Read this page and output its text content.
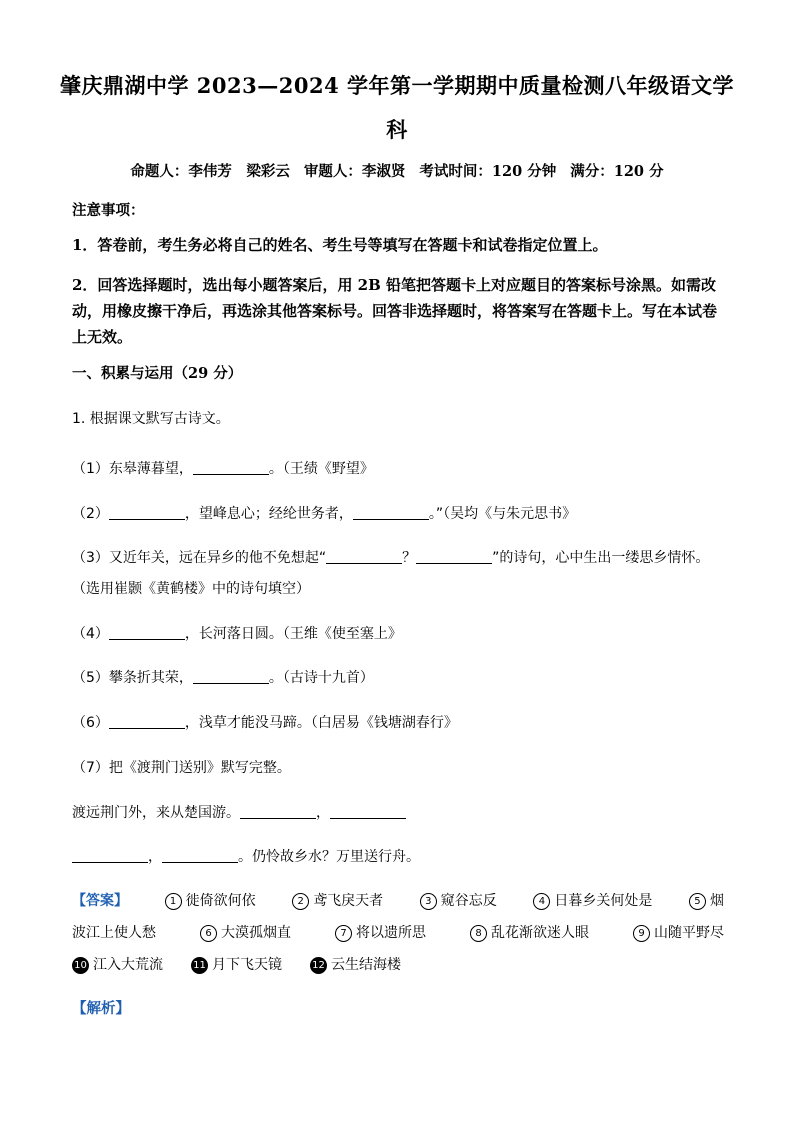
肇庆鼎湖中学 2023—2024 学年第一学期期中质量检测八年级语文学
科
命题人：李伟芳　梁彩云 审题人：李淑贤 考试时间：120 分钟 满分：120 分
注意事项：
1．答卷前，考生务必将自己的姓名、考生号等填写在答题卡和试卷指定位置上。
2．回答选择题时，选出每小题答案后，用 2B 铅笔把答题卡上对应题目的答案标号涂黑。如需改动，用橡皮擦干净后，再选涂其他答案标号。回答非选择题时，将答案写在答题卡上。写在本试卷上无效。
一、积累与运用（29 分）
1. 根据课文默写古诗文。
（1）东皋薄暮望，	。（王绩《野望》
（2）	，望峰息心；经纶世务者，	。”（吴均《与朱元思书》
（3）又近年关，远在异乡的他不免想起“	？	”的诗句，心中生出一缕思乡情怀。
（选用崔颢《黄鹤楼》中的诗句填空）
（4）	，长河落日圆。（王维《使至塞上》
（5）攀条折其荣，	。（古诗十九首）
（6）	，浅草才能没马蹄。（白居易《钱塘湖春行》
（7）把《渡荆门送别》默写完整。
渡远荆门外，来从楚国游。	，
，	。仍怜故乡水？万里送行舟。
【答案】	1 徙倚欲何依	2 鸢飞戾天者	3 窥谷忘反	4 日暮乡关何处是	5 烟
波江上使人愁	6 大漠孤烟直	7 将以遗所思	8 乱花渐欲迷人眼	9 山随平野尽
10 江入大荒流	11 月下飞天镜	12 云生结海楼
【解析】
